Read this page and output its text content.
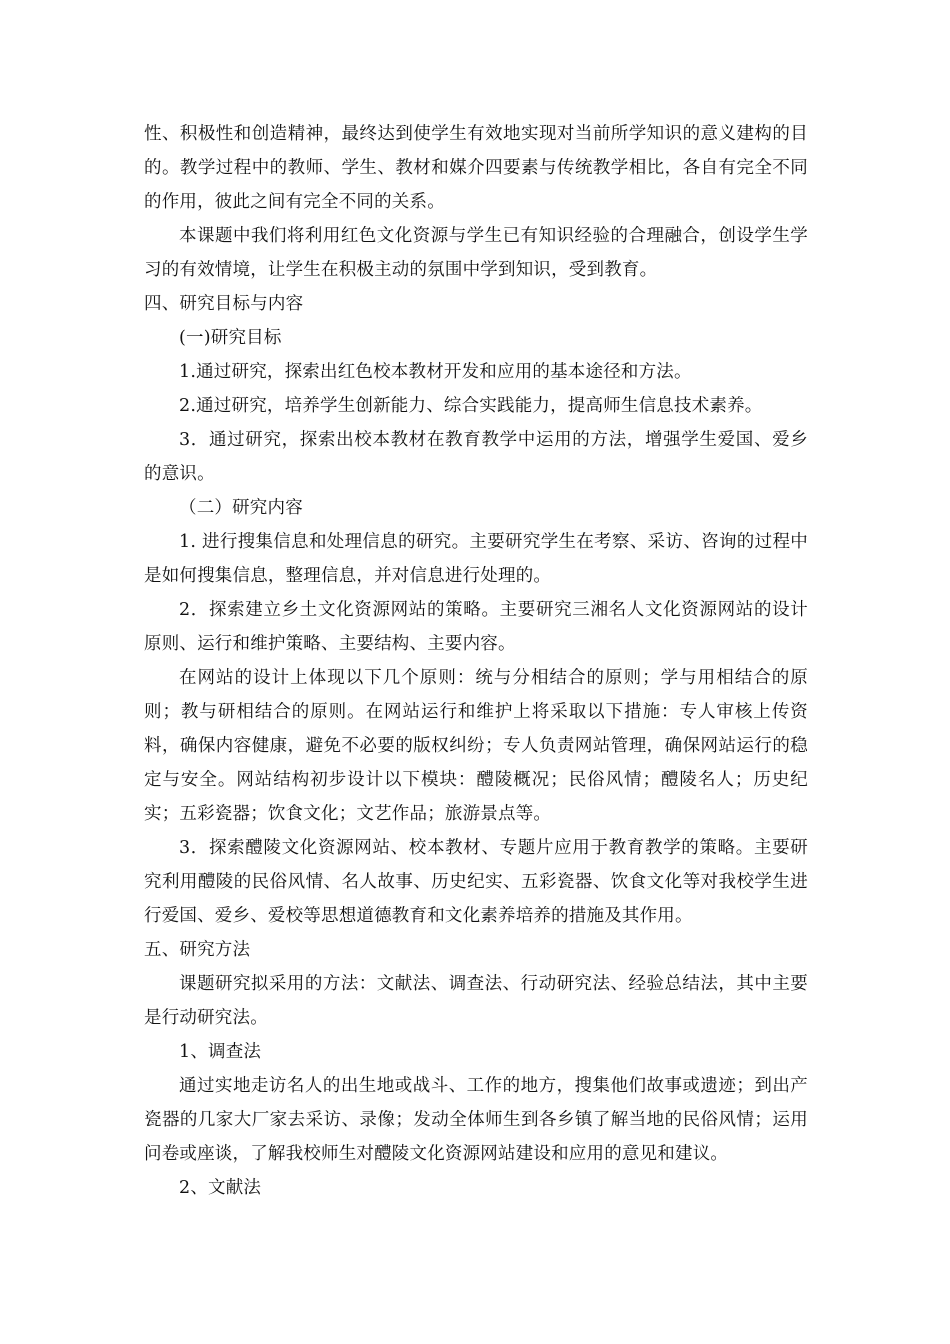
性、积极性和创造精神，最终达到使学生有效地实现对当前所学知识的意义建构的目的。教学过程中的教师、学生、教材和媒介四要素与传统教学相比，各自有完全不同的作用，彼此之间有完全不同的关系。

本课题中我们将利用红色文化资源与学生已有知识经验的合理融合，创设学生学习的有效情境，让学生在积极主动的氛围中学到知识，受到教育。

四、研究目标与内容

(一)研究目标

1.通过研究，探索出红色校本教材开发和应用的基本途径和方法。

2.通过研究，培养学生创新能力、综合实践能力，提高师生信息技术素养。

3．通过研究，探索出校本教材在教育教学中运用的方法，增强学生爱国、爱乡的意识。

（二）研究内容

1. 进行搜集信息和处理信息的研究。主要研究学生在考察、采访、咨询的过程中是如何搜集信息，整理信息，并对信息进行处理的。

2．探索建立乡土文化资源网站的策略。主要研究三湘名人文化资源网站的设计原则、运行和维护策略、主要结构、主要内容。

在网站的设计上体现以下几个原则：统与分相结合的原则；学与用相结合的原则；教与研相结合的原则。在网站运行和维护上将采取以下措施：专人审核上传资料，确保内容健康，避免不必要的版权纠纷；专人负责网站管理，确保网站运行的稳定与安全。网站结构初步设计以下模块：醴陵概况；民俗风情；醴陵名人；历史纪实；五彩瓷器；饮食文化；文艺作品；旅游景点等。

3．探索醴陵文化资源网站、校本教材、专题片应用于教育教学的策略。主要研究利用醴陵的民俗风情、名人故事、历史纪实、五彩瓷器、饮食文化等对我校学生进行爱国、爱乡、爱校等思想道德教育和文化素养培养的措施及其作用。

五、研究方法

课题研究拟采用的方法：文献法、调查法、行动研究法、经验总结法，其中主要是行动研究法。

1、调查法

通过实地走访名人的出生地或战斗、工作的地方，搜集他们故事或遗迹；到出产瓷器的几家大厂家去采访、录像；发动全体师生到各乡镇了解当地的民俗风情；运用问卷或座谈，了解我校师生对醴陵文化资源网站建设和应用的意见和建议。

2、文献法
